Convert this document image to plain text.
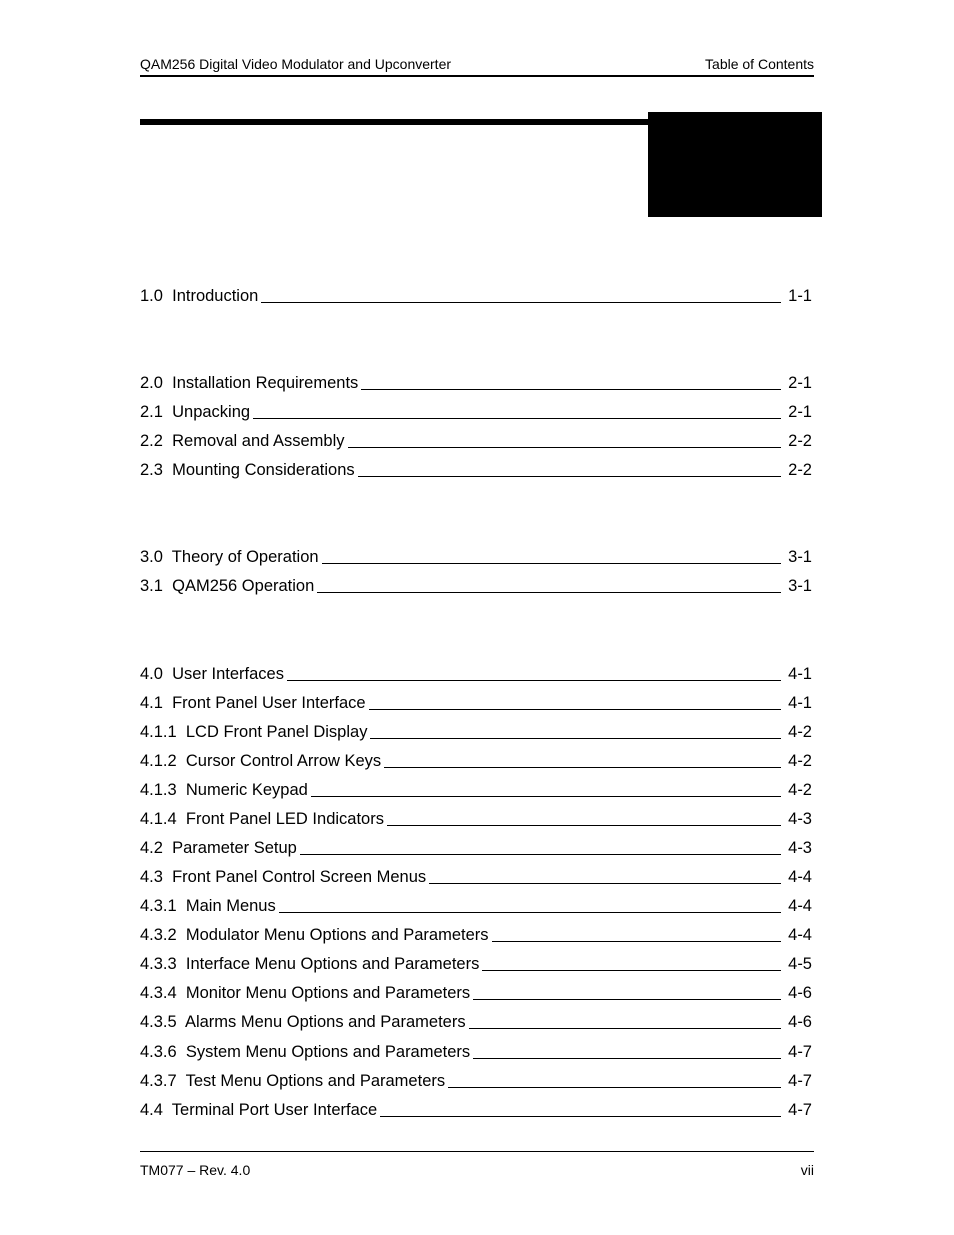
QAM256 Digital Video Modulator and Upconverter	Table of Contents
1.0  Introduction	1-1
2.0  Installation Requirements	2-1
2.1  Unpacking	2-1
2.2  Removal and Assembly	2-2
2.3  Mounting Considerations	2-2
3.0  Theory of Operation	3-1
3.1  QAM256 Operation	3-1
4.0  User Interfaces	4-1
4.1  Front Panel User Interface	4-1
4.1.1  LCD Front Panel Display	4-2
4.1.2  Cursor Control Arrow Keys	4-2
4.1.3  Numeric Keypad	4-2
4.1.4  Front Panel LED Indicators	4-3
4.2  Parameter Setup	4-3
4.3  Front Panel Control Screen Menus	4-4
4.3.1  Main Menus	4-4
4.3.2  Modulator Menu Options and Parameters	4-4
4.3.3  Interface Menu Options and Parameters	4-5
4.3.4  Monitor Menu Options and Parameters	4-6
4.3.5  Alarms Menu Options and Parameters	4-6
4.3.6  System Menu Options and Parameters	4-7
4.3.7  Test Menu Options and Parameters	4-7
4.4  Terminal Port User Interface	4-7
TM077 – Rev. 4.0	vii
